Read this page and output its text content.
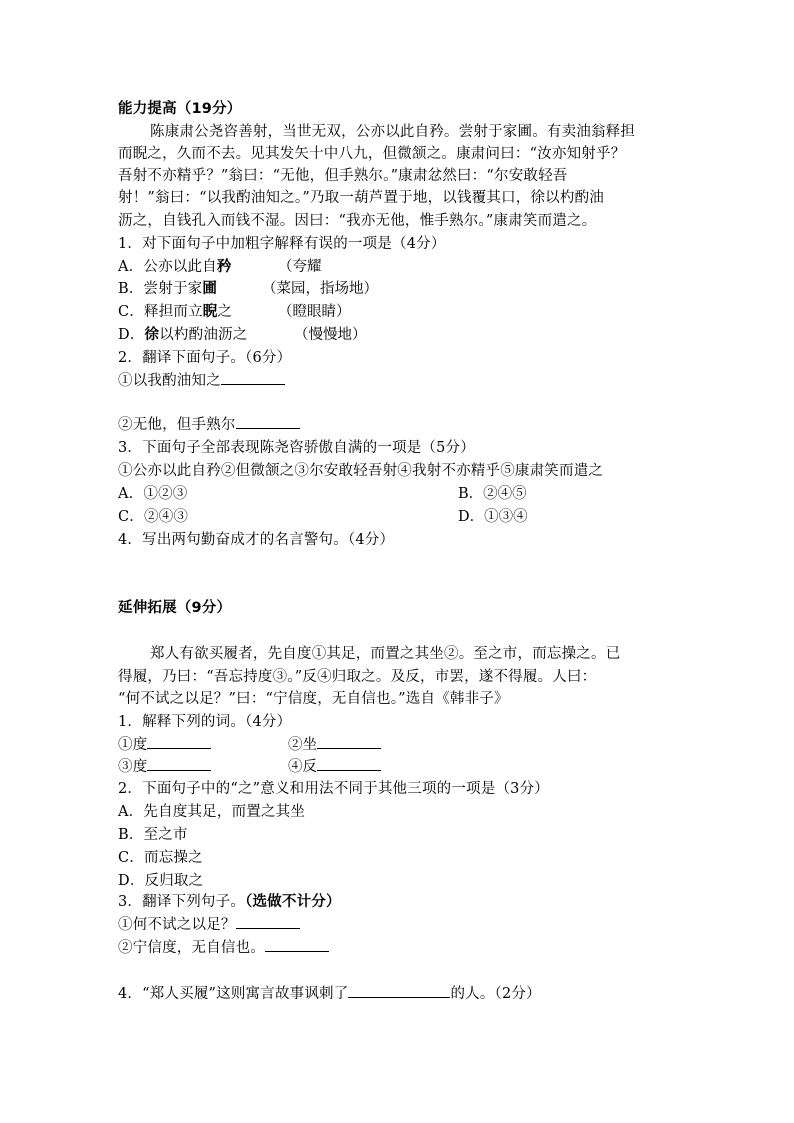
能力提高（19分）
陈康肃公尧咨善射，当世无双，公亦以此自矜。尝射于家圃。有卖油翁释担
而睨之，久而不去。见其发矢十中八九，但微颔之。康肃问曰：“汝亦知射乎？
吾射不亦精乎？”翁曰：“无他，但手熟尔。”康肃忿然曰：“尔安敢轻吾
射！”翁曰：“以我酌油知之。”乃取一葫芦置于地，以钱覆其口，徐以杓酌油
沥之，自钱孔入而钱不湿。因曰：“我亦无他，惟手熟尔。”康肃笑而遣之。
1．对下面句子中加粗字解释有误的一项是（4分）
A．公亦以此自矜	（夸耀
B．尝射于家圃	（菜园，指场地）
C．释担而立睨之	（瞪眼睛）
D．徐以杓酌油沥之	（慢慢地）
2．翻译下面句子。（6分）
①以我酌油知之
②无他，但手熟尔
3．下面句子全部表现陈尧咨骄傲自满的一项是（5分）
①公亦以此自矜②但微颔之③尔安敢轻吾射④我射不亦精乎⑤康肃笑而遣之
A．①②③	B．②④⑤
C．②④③	D．①③④
4．写出两句勤奋成才的名言警句。（4分）
延伸拓展（9分）
郑人有欲买履者，先自度①其足，而置之其坐②。至之市，而忘操之。已
得履，乃曰：“吾忘持度③。”反④归取之。及反，市罢，遂不得履。人曰：
“何不试之以足？”曰：“宁信度，无自信也。”选自《韩非子》
1．解释下列的词。（4分）
①度	②坐
③度	④反
2．下面句子中的“之”意义和用法不同于其他三项的一项是（3分）
A．先自度其足，而置之其坐
B．至之市
C．而忘操之
D．反归取之
3．翻译下列句子。（选做不计分）
①何不试之以足？
②宁信度，无自信也。
4．“郑人买履”这则寓言故事讽刺了	的人。（2分）
